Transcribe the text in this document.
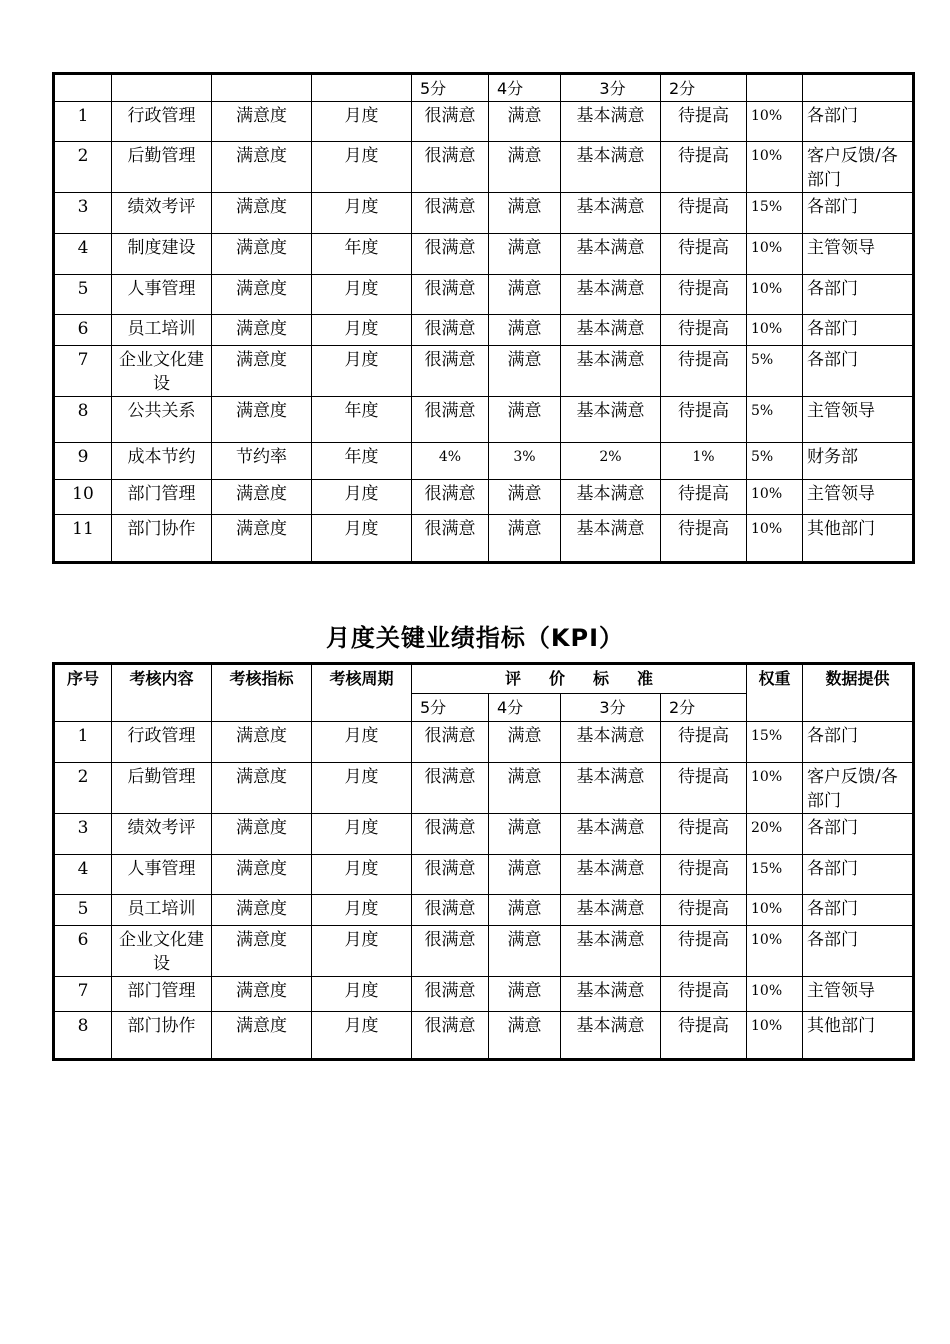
				5分	4分	3分	2分		
1	行政管理	满意度	月度	很满意	满意	基本满意	待提高	10%	各部门
2	后勤管理	满意度	月度	很满意	满意	基本满意	待提高	10%	客户反馈/各部门
3	绩效考评	满意度	月度	很满意	满意	基本满意	待提高	15%	各部门
4	制度建设	满意度	年度	很满意	满意	基本满意	待提高	10%	主管领导
5	人事管理	满意度	月度	很满意	满意	基本满意	待提高	10%	各部门
6	员工培训	满意度	月度	很满意	满意	基本满意	待提高	10%	各部门
7	企业文化建设	满意度	月度	很满意	满意	基本满意	待提高	5%	各部门
8	公共关系	满意度	年度	很满意	满意	基本满意	待提高	5%	主管领导
9	成本节约	节约率	年度	4%	3%	2%	1%	5%	财务部
10	部门管理	满意度	月度	很满意	满意	基本满意	待提高	10%	主管领导
11	部门协作	满意度	月度	很满意	满意	基本满意	待提高	10%	其他部门
月度关键业绩指标（KPI）
序号	考核内容	考核指标	考核周期	评 价 标 准				权重	数据提供
				5分	4分	3分	2分		
1	行政管理	满意度	月度	很满意	满意	基本满意	待提高	15%	各部门
2	后勤管理	满意度	月度	很满意	满意	基本满意	待提高	10%	客户反馈/各部门
3	绩效考评	满意度	月度	很满意	满意	基本满意	待提高	20%	各部门
4	人事管理	满意度	月度	很满意	满意	基本满意	待提高	15%	各部门
5	员工培训	满意度	月度	很满意	满意	基本满意	待提高	10%	各部门
6	企业文化建设	满意度	月度	很满意	满意	基本满意	待提高	10%	各部门
7	部门管理	满意度	月度	很满意	满意	基本满意	待提高	10%	主管领导
8	部门协作	满意度	月度	很满意	满意	基本满意	待提高	10%	其他部门
